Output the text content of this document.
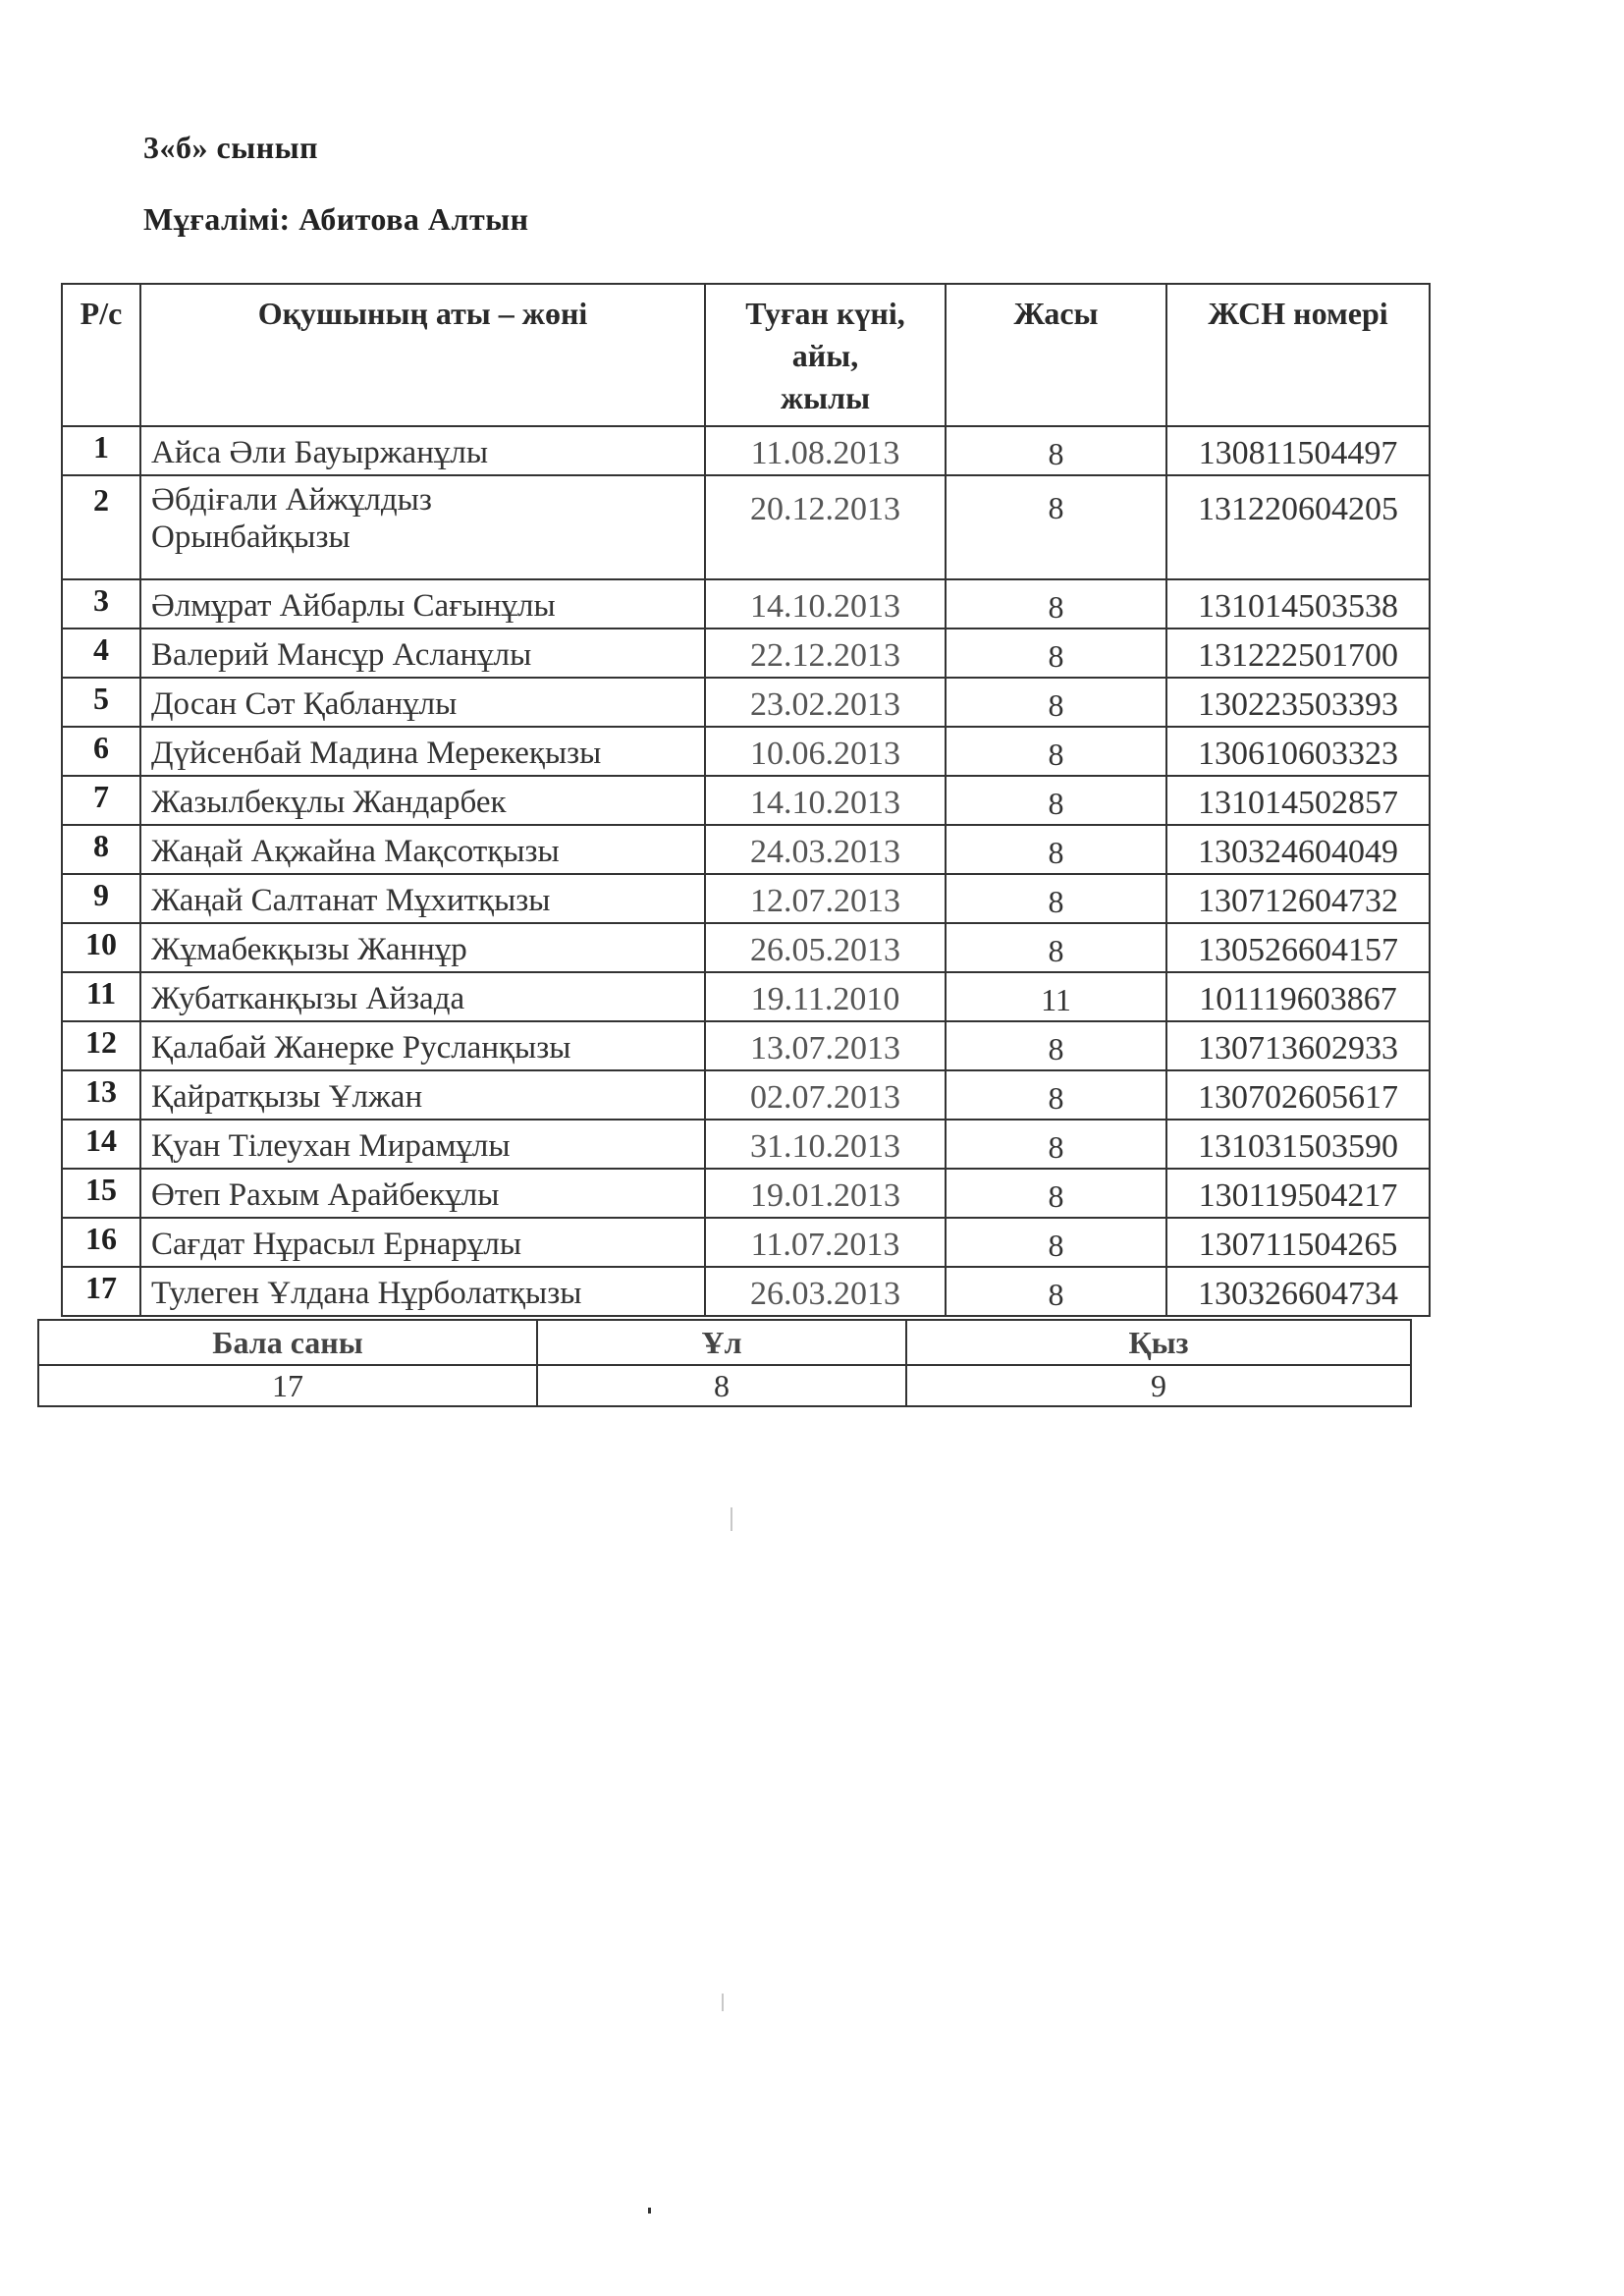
3«б» сынып
Мұғалімі: Абитова Алтын
Р/с	Оқушының аты – жөні	Туған күні,
айы,
жылы	Жасы	ЖСН номері
1	Айса Әли Бауыржанұлы	11.08.2013	8	130811504497
2	Әбдіғали Айжұлдыз
Орынбайқызы	20.12.2013	8	131220604205
3	Әлмұрат Айбарлы Сағынұлы	14.10.2013	8	131014503538
4	Валерий Мансұр Асланұлы	22.12.2013	8	131222501700
5	Досан Сәт Қабланұлы	23.02.2013	8	130223503393
6	Дүйсенбай Мадина Мерекеқызы	10.06.2013	8	130610603323
7	Жазылбекұлы Жандарбек	14.10.2013	8	131014502857
8	Жаңай Ақжайна Мақсотқызы	24.03.2013	8	130324604049
9	Жаңай Салтанат Мұхитқызы	12.07.2013	8	130712604732
10	Жұмабекқызы Жаннұр	26.05.2013	8	130526604157
11	Жубатканқызы Айзада	19.11.2010	11	101119603867
12	Қалабай Жанерке Русланқызы	13.07.2013	8	130713602933
13	Қайратқызы Ұлжан	02.07.2013	8	130702605617
14	Қуан Тілеухан Мирамұлы	31.10.2013	8	131031503590
15	Өтеп Рахым Арайбекұлы	19.01.2013	8	130119504217
16	Сағдат Нұрасыл Ернарұлы	11.07.2013	8	130711504265
17	Тулеген Ұлдана Нұрболатқызы	26.03.2013	8	130326604734
Бала саны	Ұл	Қыз
17	8	9
